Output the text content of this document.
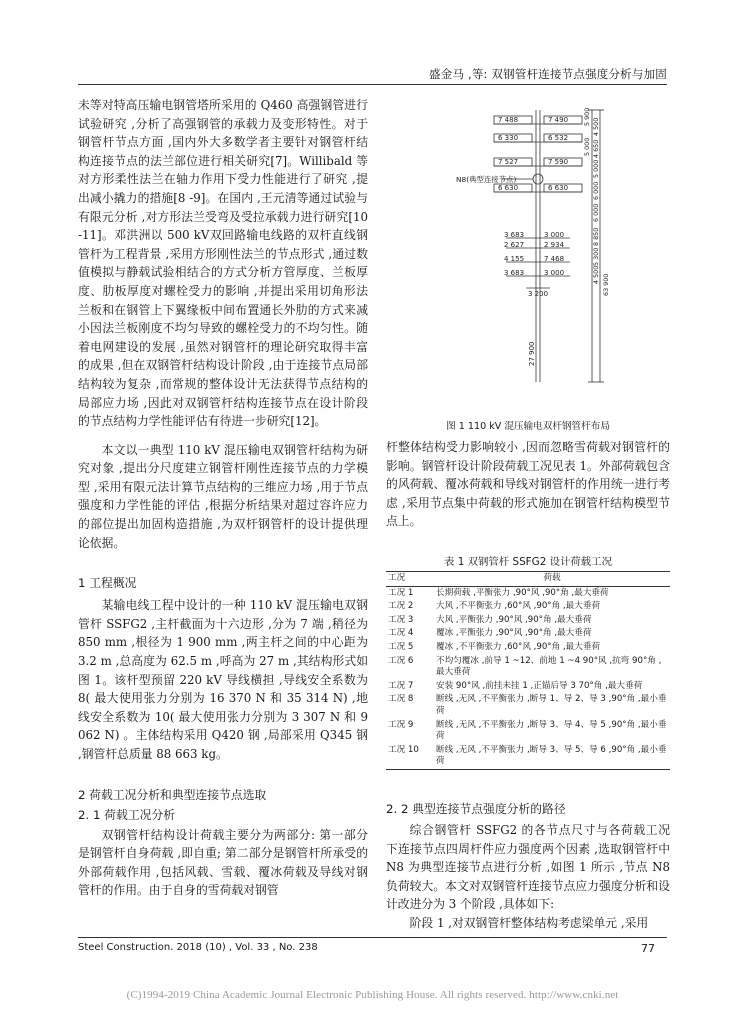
盛金马 ,等: 双钢管杆连接节点强度分析与加固

未等对特高压输电钢管塔所采用的 Q460 高强钢管进行试验研究 ,分析了高强钢管的承载力及变形特性。对于钢管杆节点方面 ,国内外大多数学者主要针对钢管杆结构连接节点的法兰部位进行相关研究[7]。Willibald 等对方形柔性法兰在轴力作用下受力性能进行了研究 ,提出减小撬力的措施[8 -9]。在国内 ,王元清等通过试验与有限元分析 ,对方形法兰受弯及受拉承载力进行研究[10 -11]。邓洪洲以 500 kV双回路输电线路的双杆直线钢管杆为工程背景 ,采用方形刚性法兰的节点形式 ,通过数值模拟与静载试验相结合的方式分析方管厚度、兰板厚度、肋板厚度对螺栓受力的影响 ,并提出采用切角形法兰板和在钢管上下翼缘板中间布置通长外肋的方式来减小因法兰板刚度不均匀导致的螺栓受力的不均匀性。随着电网建设的发展 ,虽然对钢管杆的理论研究取得丰富的成果 ,但在双钢管杆结构设计阶段 ,由于连接节点局部结构较为复杂 ,而常规的整体设计无法获得节点结构的局部应力场 ,因此对双钢管杆结构连接节点在设计阶段的节点结构力学性能评估有待进一步研究[12]。

本文以一典型 110 kV 混压输电双钢管杆结构为研究对象 ,提出分尺度建立钢管杆刚性连接节点的力学模型 ,采用有限元法计算节点结构的三维应力场 ,用于节点强度和力学性能的评估 ,根据分析结果对超过容许应力的部位提出加固构造措施 ,为双杆钢管杆的设计提供理论依据。

1 工程概况

某输电线工程中设计的一种 110 kV 混压输电双钢管杆 SSFG2 ,主杆截面为十六边形 ,分为 7 端 ,稍径为 850 mm ,根径为 1 900 mm ,两主杆之间的中心距为 3.2 m ,总高度为 62.5 m ,呼高为 27 m ,其结构形式如图 1。该杆型预留 220 kV 导线横担 ,导线安全系数为 8( 最大使用张力分别为 16 370 N 和 35 314 N) ,地线安全系数为 10( 最大使用张力分别为 3 307 N 和 9 062 N) 。主体结构采用 Q420 钢 ,局部采用 Q345 钢 ,钢管杆总质量 88 663 kg。

2 荷载工况分析和典型连接节点选取

2. 1 荷载工况分析

双钢管杆结构设计荷载主要分为两部分: 第一部分是钢管杆自身荷载 ,即自重; 第二部分是钢管杆所承受的外部荷载作用 ,包括风载、雪载、覆冰荷载及导线对钢管杆的作用。由于自身的雪荷载对钢管

7 488	7 490
6 330	6 532
7 527	7 590
6 630	6 630
3 683	3 000
2 627	2 934
4 155	7 468
3 683	3 000
3 200
N8(典型连接节点)
27 900
4 500
4 650
5 000
6 000
6 000
8 850
5 300
4 500
5 900
5 000
63 900
图 1 110 kV 混压输电双杆钢管杆布局

杆整体结构受力影响较小 ,因而忽略雪荷载对钢管杆的影响。钢管杆设计阶段荷载工况见表 1。外部荷载包含的风荷载、覆冰荷载和导线对钢管杆的作用统一进行考虑 ,采用节点集中荷载的形式施加在钢管杆结构模型节点上。

表 1 双钢管杆 SSFG2 设计荷载工况
工况	荷载
工况 1	长期荷载 ,平衡张力 ,90°风 ,90°角 ,最大垂荷
工况 2	大风 ,不平衡张力 ,60°风 ,90°角 ,最大垂荷
工况 3	大风 ,平衡张力 ,90°风 ,90°角 ,最大垂荷
工况 4	覆冰 ,平衡张力 ,90°风 ,90°角 ,最大垂荷
工况 5	覆冰 ,不平衡张力 ,60°风 ,90°角 ,最大垂荷
工况 6	不均匀覆冰 ,前导 1 ~12、前地 1 ~4 90°风 ,抗弯 90°角 ,最大垂荷
工况 7	安装 90°风 ,前挂未挂 1 ,正锚后导 3 70°角 ,最大垂荷
工况 8	断线 ,无风 ,不平衡张力 ,断导 1、导 2、导 3 ,90°角 ,最小垂荷
工况 9	断线 ,无风 ,不平衡张力 ,断导 3、导 4、导 5 ,90°角 ,最小垂荷
工况 10	断线 ,无风 ,不平衡张力 ,断导 3、导 5、导 6 ,90°角 ,最小垂荷

2. 2 典型连接节点强度分析的路径

综合钢管杆 SSFG2 的各节点尺寸与各荷载工况下连接节点四周杆件应力强度两个因素 ,选取钢管杆中 N8 为典型连接节点进行分析 ,如图 1 所示 ,节点 N8 负荷较大。本文对双钢管杆连接节点应力强度分析和设计改进分为 3 个阶段 ,具体如下:

阶段 1 ,对双钢管杆整体结构考虑梁单元 ,采用

Steel Construction. 2018 (10) , Vol. 33 , No. 238	77
(C)1994-2019 China Academic Journal Electronic Publishing House. All rights reserved. http://www.cnki.net
